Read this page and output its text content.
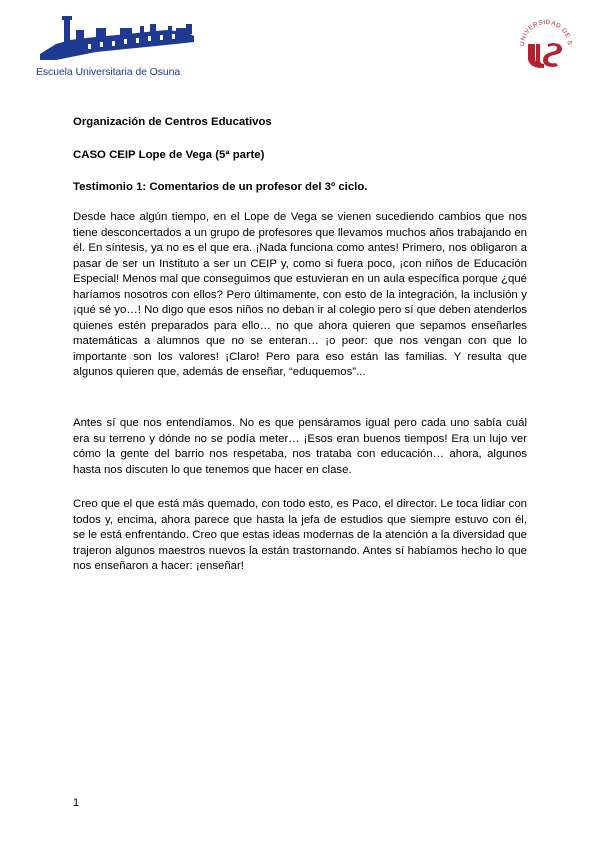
Escuela Universitaria de Osuna
UNIVERSIDAD DE S
Organización de Centros Educativos
CASO CEIP Lope de Vega (5ª parte)
Testimonio 1: Comentarios de un profesor del 3º ciclo.

Desde hace algún tiempo, en el Lope de Vega se vienen sucediendo cambios que nos tiene desconcertados a un grupo de profesores que llevamos muchos años trabajando en él. En síntesis, ya no es el que era. ¡Nada funciona como antes! Primero, nos obligaron a pasar de ser un Instituto a ser un CEIP y, como si fuera poco, ¡con niños de Educación Especial! Menos mal que conseguimos que estuvieran en un aula específica porque ¿qué haríamos nosotros con ellos? Pero últimamente, con esto de la integración, la inclusión y ¡qué sé yo…! No digo que esos niños no deban ir al colegio pero sí que deben atenderlos quienes estén preparados para ello… no que ahora quieren que sepamos enseñarles matemáticas a alumnos que no se enteran… ¡o peor: que nos vengan con que lo importante son los valores! ¡Claro! Pero para eso están las familias. Y resulta que algunos quieren que, además de enseñar, “eduquemos”...

Antes sí que nos entendíamos. No es que pensáramos igual pero cada uno sabía cuál era su terreno y dónde no se podía meter… ¡Esos eran buenos tiempos! Era un lujo ver cómo la gente del barrio nos respetaba, nos trataba con educación… ahora, algunos hasta nos discuten lo que tenemos que hacer en clase.

Creo que el que está más quemado, con todo esto, es Paco, el director. Le toca lidiar con todos y, encima, ahora parece que hasta la jefa de estudios que siempre estuvo con él, se le está enfrentando. Creo que estas ideas modernas de la atención a la diversidad que trajeron algunos maestros nuevos la están trastornando. Antes sí habíamos hecho lo que nos enseñaron a hacer: ¡enseñar!

1
